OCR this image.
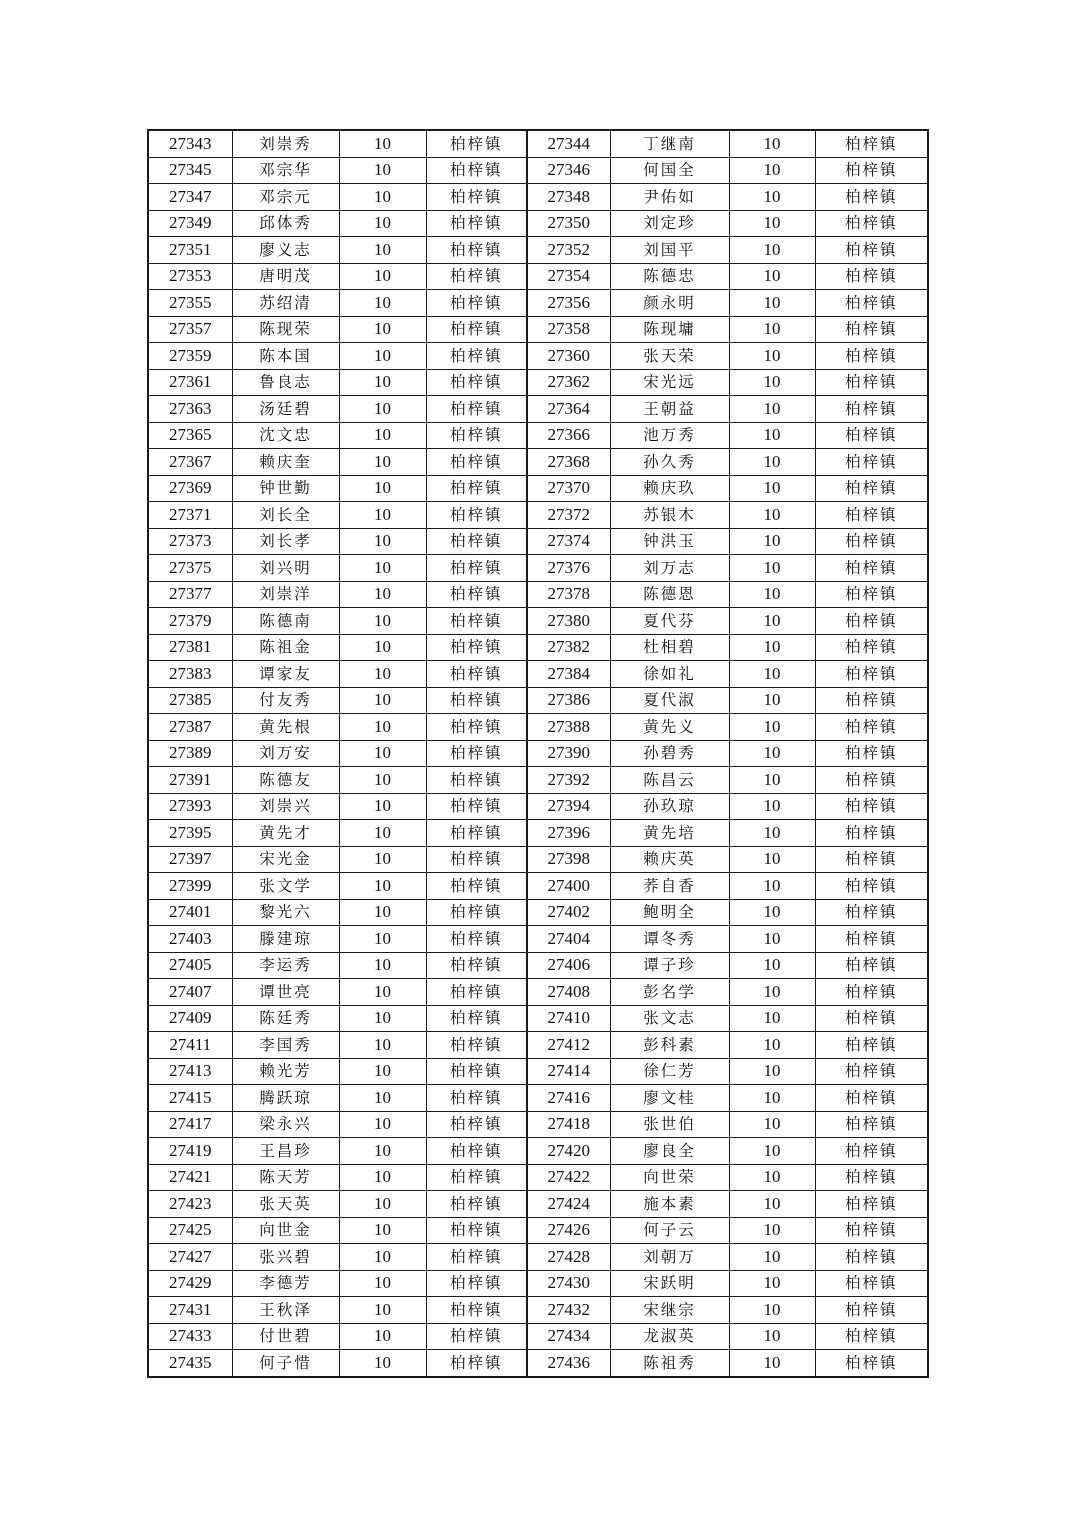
27343	刘崇秀	10	柏梓镇	27344	丁继南	10	柏梓镇
27345	邓宗华	10	柏梓镇	27346	何国全	10	柏梓镇
27347	邓宗元	10	柏梓镇	27348	尹佑如	10	柏梓镇
27349	邱体秀	10	柏梓镇	27350	刘定珍	10	柏梓镇
27351	廖义志	10	柏梓镇	27352	刘国平	10	柏梓镇
27353	唐明茂	10	柏梓镇	27354	陈德忠	10	柏梓镇
27355	苏绍清	10	柏梓镇	27356	颜永明	10	柏梓镇
27357	陈现荣	10	柏梓镇	27358	陈现墉	10	柏梓镇
27359	陈本国	10	柏梓镇	27360	张天荣	10	柏梓镇
27361	鲁良志	10	柏梓镇	27362	宋光远	10	柏梓镇
27363	汤廷碧	10	柏梓镇	27364	王朝益	10	柏梓镇
27365	沈文忠	10	柏梓镇	27366	池万秀	10	柏梓镇
27367	赖庆奎	10	柏梓镇	27368	孙久秀	10	柏梓镇
27369	钟世勤	10	柏梓镇	27370	赖庆玖	10	柏梓镇
27371	刘长全	10	柏梓镇	27372	苏银木	10	柏梓镇
27373	刘长孝	10	柏梓镇	27374	钟洪玉	10	柏梓镇
27375	刘兴明	10	柏梓镇	27376	刘万志	10	柏梓镇
27377	刘崇洋	10	柏梓镇	27378	陈德恩	10	柏梓镇
27379	陈德南	10	柏梓镇	27380	夏代芬	10	柏梓镇
27381	陈祖金	10	柏梓镇	27382	杜相碧	10	柏梓镇
27383	谭家友	10	柏梓镇	27384	徐如礼	10	柏梓镇
27385	付友秀	10	柏梓镇	27386	夏代淑	10	柏梓镇
27387	黄先根	10	柏梓镇	27388	黄先义	10	柏梓镇
27389	刘万安	10	柏梓镇	27390	孙碧秀	10	柏梓镇
27391	陈德友	10	柏梓镇	27392	陈昌云	10	柏梓镇
27393	刘崇兴	10	柏梓镇	27394	孙玖琼	10	柏梓镇
27395	黄先才	10	柏梓镇	27396	黄先培	10	柏梓镇
27397	宋光金	10	柏梓镇	27398	赖庆英	10	柏梓镇
27399	张文学	10	柏梓镇	27400	荞自香	10	柏梓镇
27401	黎光六	10	柏梓镇	27402	鲍明全	10	柏梓镇
27403	滕建琼	10	柏梓镇	27404	谭冬秀	10	柏梓镇
27405	李运秀	10	柏梓镇	27406	谭子珍	10	柏梓镇
27407	谭世亮	10	柏梓镇	27408	彭名学	10	柏梓镇
27409	陈廷秀	10	柏梓镇	27410	张文志	10	柏梓镇
27411	李国秀	10	柏梓镇	27412	彭科素	10	柏梓镇
27413	赖光芳	10	柏梓镇	27414	徐仁芳	10	柏梓镇
27415	腾跃琼	10	柏梓镇	27416	廖文桂	10	柏梓镇
27417	梁永兴	10	柏梓镇	27418	张世伯	10	柏梓镇
27419	王昌珍	10	柏梓镇	27420	廖良全	10	柏梓镇
27421	陈天芳	10	柏梓镇	27422	向世荣	10	柏梓镇
27423	张天英	10	柏梓镇	27424	施本素	10	柏梓镇
27425	向世金	10	柏梓镇	27426	何子云	10	柏梓镇
27427	张兴碧	10	柏梓镇	27428	刘朝万	10	柏梓镇
27429	李德芳	10	柏梓镇	27430	宋跃明	10	柏梓镇
27431	王秋泽	10	柏梓镇	27432	宋继宗	10	柏梓镇
27433	付世碧	10	柏梓镇	27434	龙淑英	10	柏梓镇
27435	何子惜	10	柏梓镇	27436	陈祖秀	10	柏梓镇
